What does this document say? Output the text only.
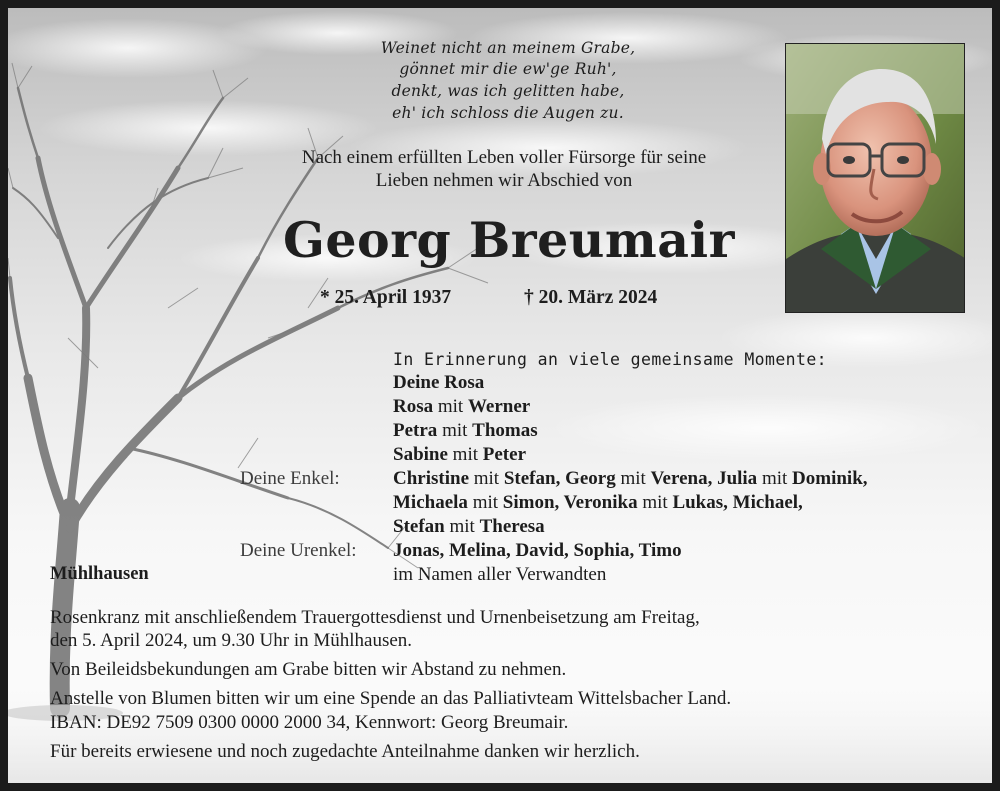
Weinet nicht an meinem Grabe,

gönnet mir die ew'ge Ruh',

denkt, was ich gelitten habe,

eh' ich schloss die Augen zu.

Nach einem erfüllten Leben voller Fürsorge für seine

Lieben nehmen wir Abschied von

Georg Breumair

* 25. April 1937	† 20. März 2024

In Erinnerung an viele gemeinsame Momente:

Deine Rosa

Rosa mit Werner

Petra mit Thomas

Sabine mit Peter

Deine Enkel:	Christine mit Stefan, Georg mit Verena, Julia mit Dominik,

Michaela mit Simon, Veronika mit Lukas, Michael,

Stefan mit Theresa

Deine Urenkel: Jonas, Melina, David, Sophia, Timo

im Namen aller Verwandten

Mühlhausen

Rosenkranz mit anschließendem Trauergottesdienst und Urnenbeisetzung am Freitag,

den 5. April 2024, um 9.30 Uhr in Mühlhausen.

Von Beileidsbekundungen am Grabe bitten wir Abstand zu nehmen.

Anstelle von Blumen bitten wir um eine Spende an das Palliativteam Wittelsbacher Land.

IBAN: DE92 7509 0300 0000 2000 34, Kennwort: Georg Breumair.

Für bereits erwiesene und noch zugedachte Anteilnahme danken wir herzlich.
